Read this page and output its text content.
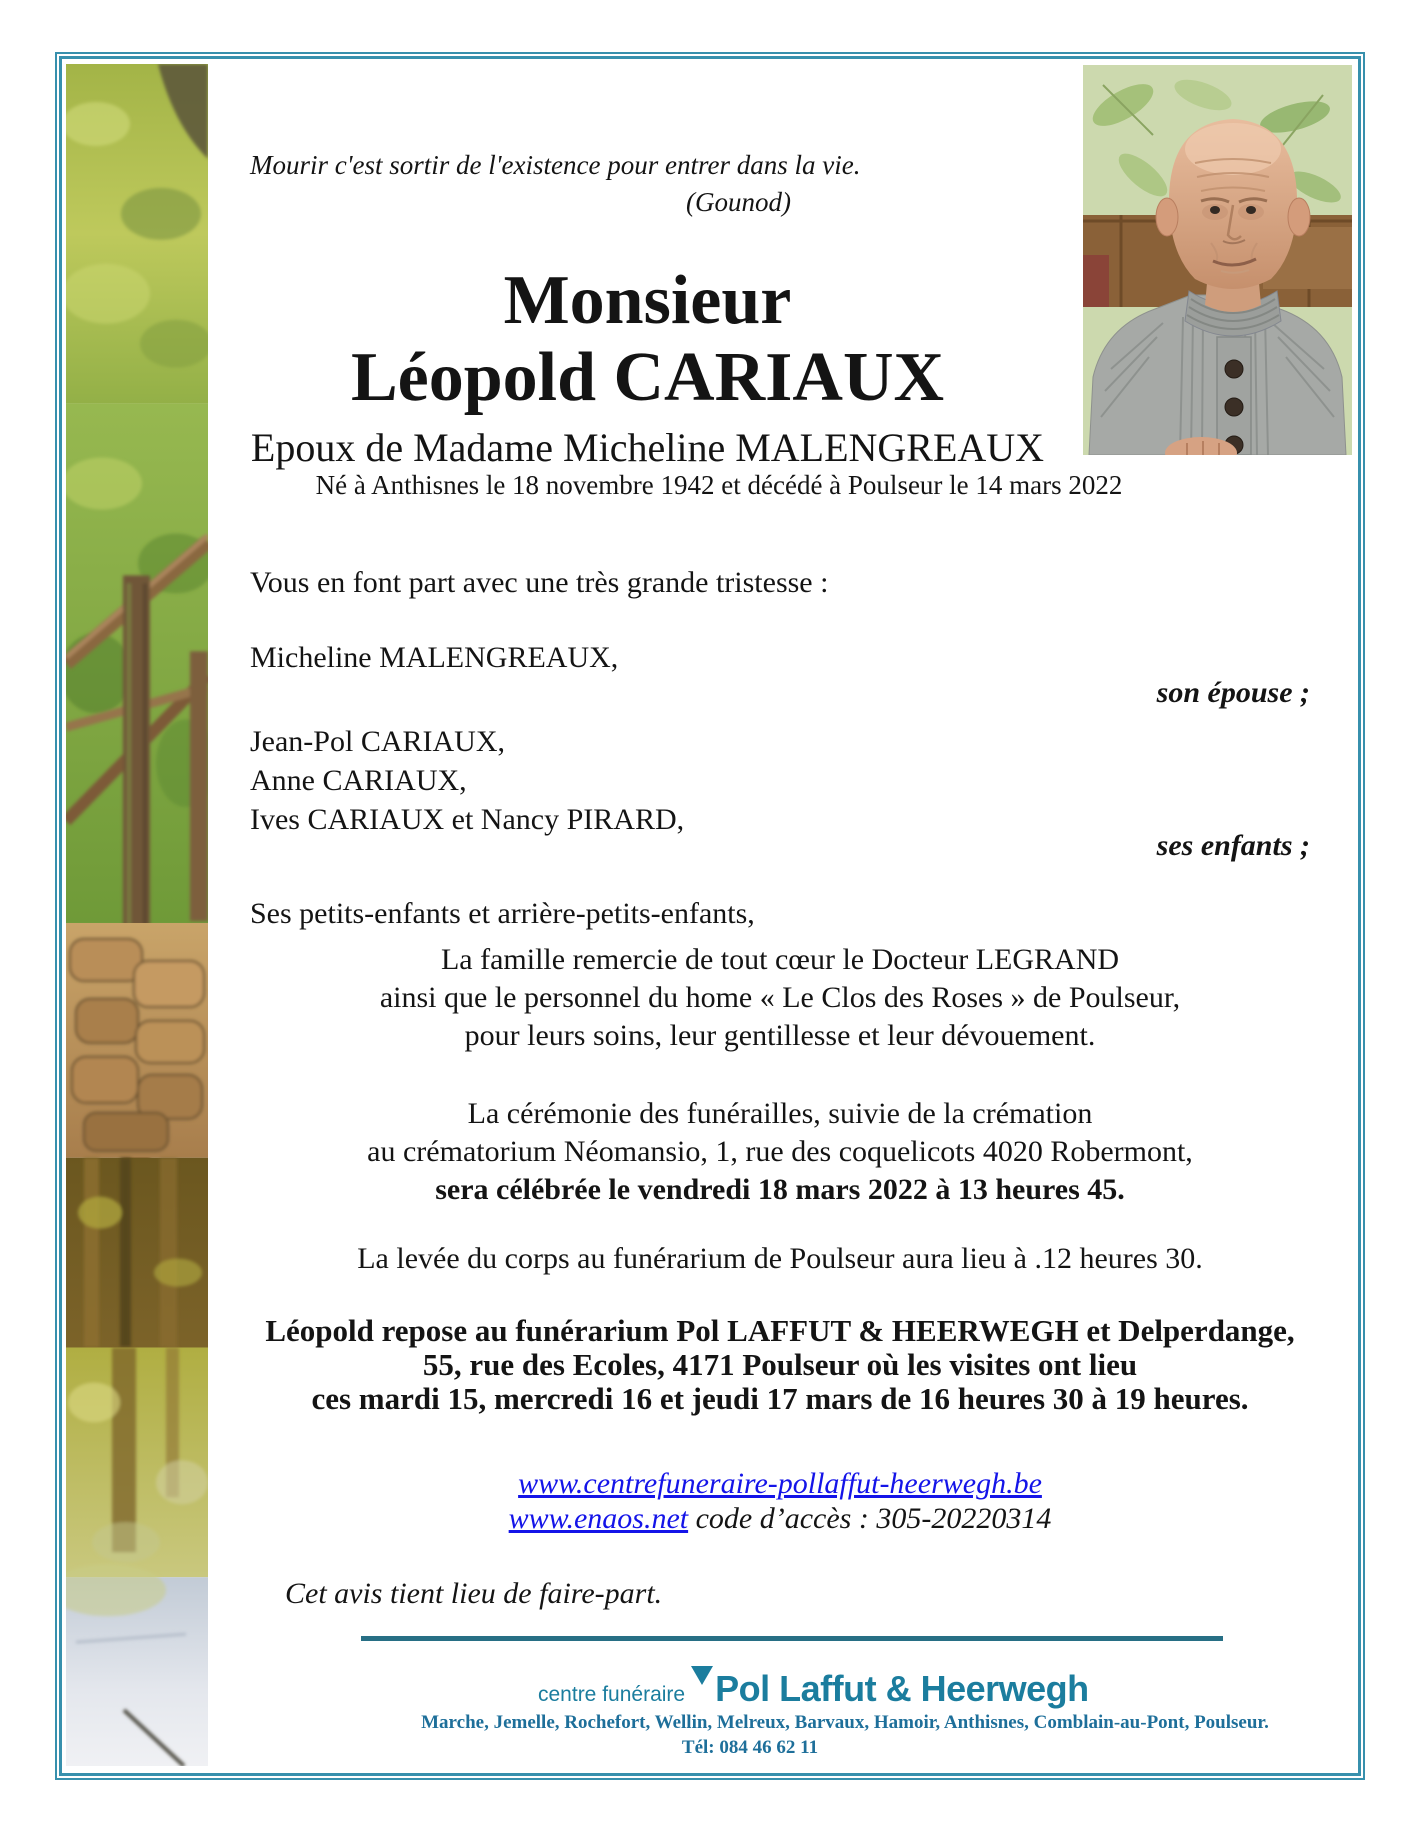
Mourir c'est sortir de l'existence pour entrer dans la vie.
(Gounod)
Monsieur
Léopold CARIAUX
Epoux de Madame Micheline MALENGREAUX
Né à Anthisnes le 18 novembre 1942 et décédé à Poulseur le 14 mars 2022
Vous en font part avec une très grande tristesse :
Micheline MALENGREAUX,
son épouse ;
Jean-Pol CARIAUX,
Anne CARIAUX,
Ives CARIAUX et Nancy PIRARD,
ses enfants ;
Ses petits-enfants et arrière-petits-enfants,
La famille remercie de tout cœur le Docteur LEGRAND
ainsi que le personnel du home « Le Clos des Roses » de Poulseur,
pour leurs soins, leur gentillesse et leur dévouement.
La cérémonie des funérailles, suivie de la crémation
au crématorium Néomansio, 1, rue des coquelicots 4020 Robermont,
sera célébrée le vendredi 18 mars 2022 à 13 heures 45.
La levée du corps au funérarium de Poulseur aura lieu à .12 heures 30.
Léopold repose au funérarium Pol LAFFUT & HEERWEGH et Delperdange,
55, rue des Ecoles, 4171 Poulseur où les visites ont lieu
ces mardi 15, mercredi 16 et jeudi 17 mars de 16 heures 30 à 19 heures.
www.centrefuneraire-pollaffut-heerwegh.be
www.enaos.net code d’accès : 305-20220314
Cet avis tient lieu de faire-part.
centre funéraire Pol Laffut & Heerwegh
Marche, Jemelle, Rochefort, Wellin, Melreux, Barvaux, Hamoir, Anthisnes, Comblain-au-Pont, Poulseur.
Tél: 084 46 62 11
